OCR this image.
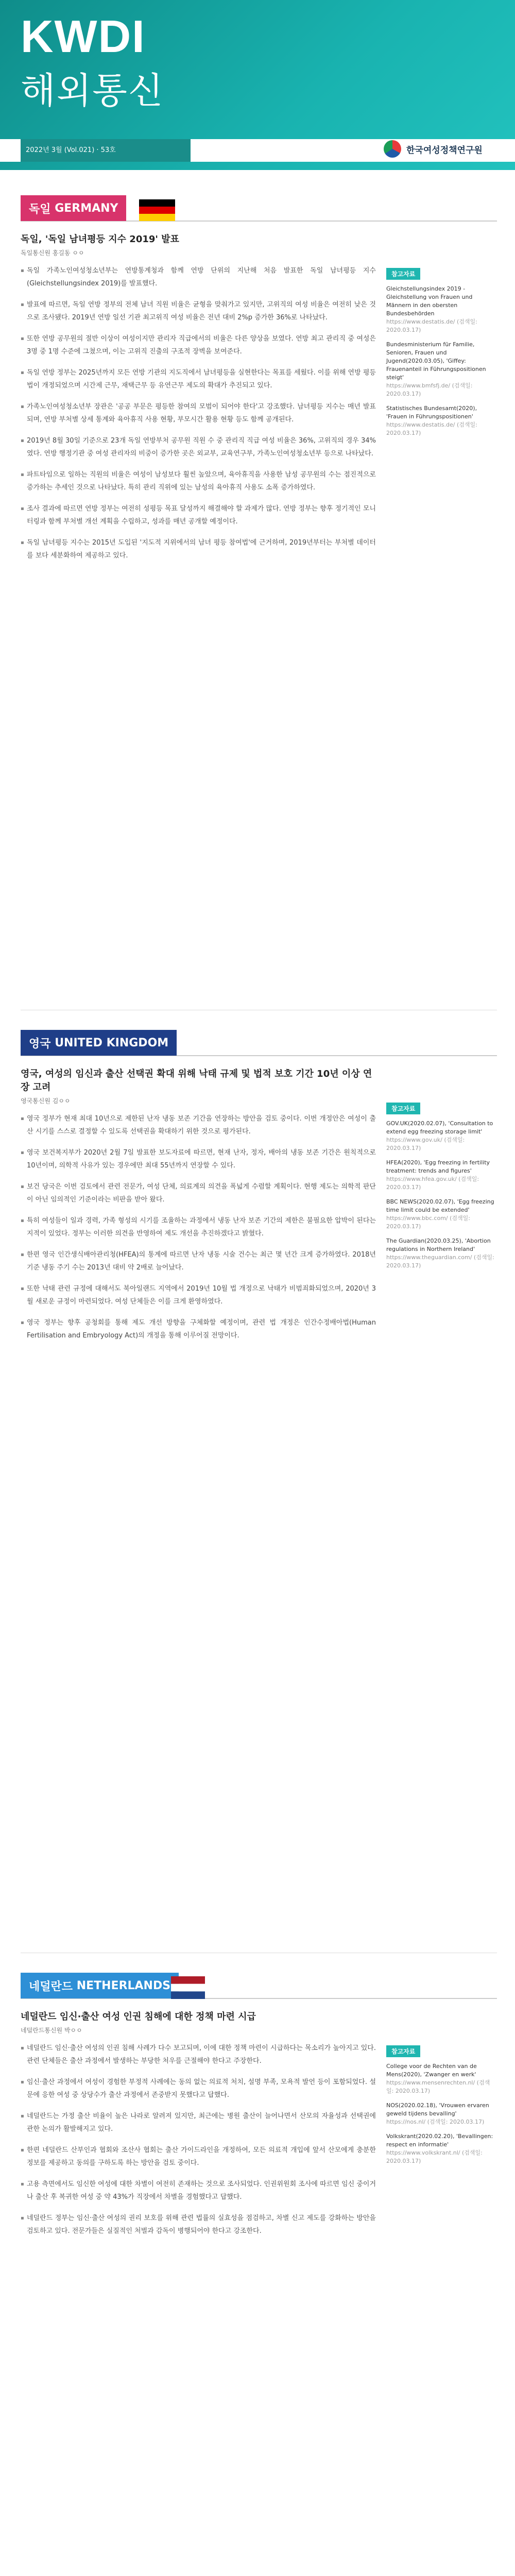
KWDI
해외통신
2022년 3월 (Vol.021) · 53호	한국여성정책연구원
독일
GERMANY
독일, '독일 남녀평등 지수 2019' 발표
독일통신원 홍길동 ㅇㅇ
▪ 독일 가족노인여성청소년부는 연방통계청과 함께 연방 단위의 지난해 처음 발표한 독일 남녀평등 지수 (Gleichstellungsindex 2019)를 발표했다.
▪ 발표에 따르면, 독일 연방 정부의 전체 남녀 직원 비율은 균형을 맞춰가고 있지만, 고위직의 여성 비율은 여전히 낮은 것으로 조사됐다. 2019년 연방 일선 기관 최고위직 여성 비율은 전년 대비 2%p 증가한 36%로 나타났다.
▪ 또한 연방 공무원의 절반 이상이 여성이지만 관리자 직급에서의 비율은 다른 양상을 보였다. 연방 최고 관리직 중 여성은 3명 중 1명 수준에 그쳤으며, 이는 고위직 진출의 구조적 장벽을 보여준다.
▪ 독일 연방 정부는 2025년까지 모든 연방 기관의 지도직에서 남녀평등을 실현한다는 목표를 세웠다. 이를 위해 연방 평등법이 개정되었으며 시간제 근무, 재택근무 등 유연근무 제도의 확대가 추진되고 있다.
▪ 가족노인여성청소년부 장관은 '공공 부문은 평등한 참여의 모범이 되어야 한다'고 강조했다. 남녀평등 지수는 매년 발표되며, 연방 부처별 상세 통계와 육아휴직 사용 현황, 부모시간 활용 현황 등도 함께 공개된다.
▪ 2019년 8월 30일 기준으로 23개 독일 연방부처 공무원 직원 수 중 관리직 직급 여성 비율은 36%, 고위직의 경우 34%였다. 연방 행정기관 중 여성 관리자의 비중이 증가한 곳은 외교부, 교육연구부, 가족노인여성청소년부 등으로 나타났다.
▪ 파트타임으로 일하는 직원의 비율은 여성이 남성보다 훨씬 높았으며, 육아휴직을 사용한 남성 공무원의 수는 점진적으로 증가하는 추세인 것으로 나타났다. 특히 관리 직위에 있는 남성의 육아휴직 사용도 소폭 증가하였다.
▪ 조사 결과에 따르면 연방 정부는 여전히 성평등 목표 달성까지 해결해야 할 과제가 많다. 연방 정부는 향후 정기적인 모니터링과 함께 부처별 개선 계획을 수립하고, 성과를 매년 공개할 예정이다.
▪ 독일 남녀평등 지수는 2015년 도입된 '지도적 지위에서의 남녀 평등 참여법'에 근거하며, 2019년부터는 부처별 데이터를 보다 세분화하여 제공하고 있다.
참고자료
Gleichstellungsindex 2019 - Gleichstellung von Frauen und Männern in den obersten Bundesbehörden
https://www.destatis.de/ (검색일: 2020.03.17)
Bundesministerium für Familie, Senioren, Frauen und Jugend(2020.03.05), 'Giffey: Frauenanteil in Führungspositionen steigt'
https://www.bmfsfj.de/ (검색일: 2020.03.17)
Statistisches Bundesamt(2020), 'Frauen in Führungspositionen'
https://www.destatis.de/ (검색일: 2020.03.17)
영국
UNITED KINGDOM
영국, 여성의 임신과 출산 선택권 확대 위해 낙태 규제 및 법적 보호 기간 10년 이상 연장 고려
영국통신원 김ㅇㅇ
▪ 영국 정부가 현재 최대 10년으로 제한된 난자 냉동 보존 기간을 연장하는 방안을 검토 중이다. 이번 개정안은 여성이 출산 시기를 스스로 결정할 수 있도록 선택권을 확대하기 위한 것으로 평가된다.
▪ 영국 보건복지부가 2020년 2월 7일 발표한 보도자료에 따르면, 현재 난자, 정자, 배아의 냉동 보존 기간은 원칙적으로 10년이며, 의학적 사유가 있는 경우에만 최대 55년까지 연장할 수 있다.
▪ 보건 당국은 이번 검토에서 관련 전문가, 여성 단체, 의료계의 의견을 폭넓게 수렴할 계획이다. 현행 제도는 의학적 판단이 아닌 임의적인 기준이라는 비판을 받아 왔다.
▪ 특히 여성들이 일과 경력, 가족 형성의 시기를 조율하는 과정에서 냉동 난자 보존 기간의 제한은 불필요한 압박이 된다는 지적이 있었다. 정부는 이러한 의견을 반영하여 제도 개선을 추진하겠다고 밝혔다.
▪ 한편 영국 인간생식배아관리청(HFEA)의 통계에 따르면 난자 냉동 시술 건수는 최근 몇 년간 크게 증가하였다. 2018년 기준 냉동 주기 수는 2013년 대비 약 2배로 늘어났다.
▪ 또한 낙태 관련 규정에 대해서도 북아일랜드 지역에서 2019년 10월 법 개정으로 낙태가 비범죄화되었으며, 2020년 3월 새로운 규정이 마련되었다. 여성 단체들은 이를 크게 환영하였다.
▪ 영국 정부는 향후 공청회를 통해 제도 개선 방향을 구체화할 예정이며, 관련 법 개정은 인간수정배아법(Human Fertilisation and Embryology Act)의 개정을 통해 이루어질 전망이다.
참고자료
GOV.UK(2020.02.07), 'Consultation to extend egg freezing storage limit'
https://www.gov.uk/ (검색일: 2020.03.17)
HFEA(2020), 'Egg freezing in fertility treatment: trends and figures'
https://www.hfea.gov.uk/ (검색일: 2020.03.17)
BBC NEWS(2020.02.07), 'Egg freezing time limit could be extended'
https://www.bbc.com/ (검색일: 2020.03.17)
The Guardian(2020.03.25), 'Abortion regulations in Northern Ireland'
https://www.theguardian.com/ (검색일: 2020.03.17)
네덜란드
NETHERLANDS
네덜란드 임신·출산 여성 인권 침해에 대한 정책 마련 시급
네덜란드통신원 박ㅇㅇ
▪ 네덜란드 임신·출산 여성의 인권 침해 사례가 다수 보고되며, 이에 대한 정책 마련이 시급하다는 목소리가 높아지고 있다. 관련 단체들은 출산 과정에서 발생하는 부당한 처우를 근절해야 한다고 주장한다.
▪ 임신·출산 과정에서 여성이 경험한 부정적 사례에는 동의 없는 의료적 처치, 설명 부족, 모욕적 발언 등이 포함되었다. 설문에 응한 여성 중 상당수가 출산 과정에서 존중받지 못했다고 답했다.
▪ 네덜란드는 가정 출산 비율이 높은 나라로 알려져 있지만, 최근에는 병원 출산이 늘어나면서 산모의 자율성과 선택권에 관한 논의가 활발해지고 있다.
▪ 한편 네덜란드 산부인과 협회와 조산사 협회는 출산 가이드라인을 개정하여, 모든 의료적 개입에 앞서 산모에게 충분한 정보를 제공하고 동의를 구하도록 하는 방안을 검토 중이다.
▪ 고용 측면에서도 임신한 여성에 대한 차별이 여전히 존재하는 것으로 조사되었다. 인권위원회 조사에 따르면 임신 중이거나 출산 후 복귀한 여성 중 약 43%가 직장에서 차별을 경험했다고 답했다.
▪ 네덜란드 정부는 임신·출산 여성의 권리 보호를 위해 관련 법률의 실효성을 점검하고, 차별 신고 제도를 강화하는 방안을 검토하고 있다. 전문가들은 실질적인 처벌과 감독이 병행되어야 한다고 강조한다.
참고자료
College voor de Rechten van de Mens(2020), 'Zwanger en werk'
https://www.mensenrechten.nl/ (검색일: 2020.03.17)
NOS(2020.02.18), 'Vrouwen ervaren geweld tijdens bevalling'
https://nos.nl/ (검색일: 2020.03.17)
Volkskrant(2020.02.20), 'Bevallingen: respect en informatie'
https://www.volkskrant.nl/ (검색일: 2020.03.17)
